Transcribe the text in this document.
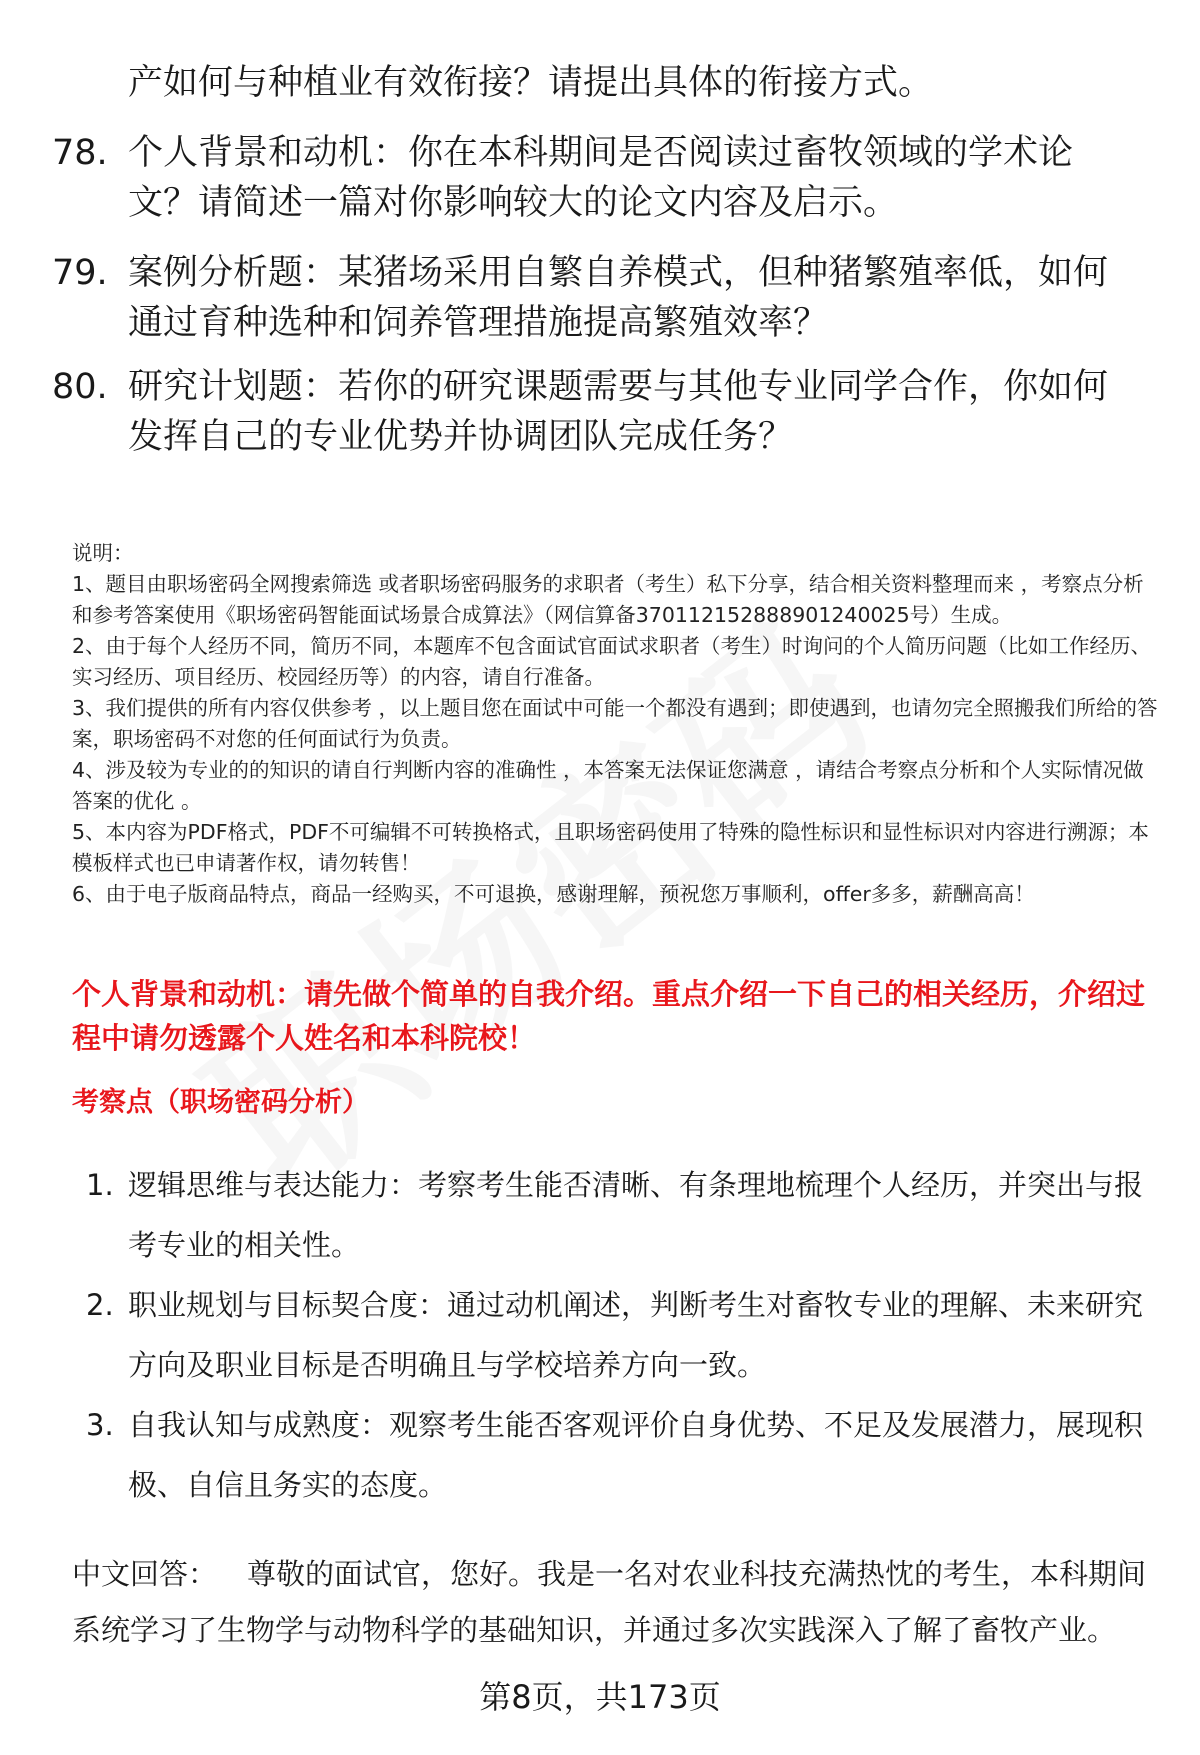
产如何与种植业有效衔接？请提出具体的衔接方式。

78. 个人背景和动机：你在本科期间是否阅读过畜牧领域的学术论文？请简述一篇对你影响较大的论文内容及启示。
79. 案例分析题：某猪场采用自繁自养模式，但种猪繁殖率低，如何通过育种选种和饲养管理措施提高繁殖效率？
80. 研究计划题：若你的研究课题需要与其他专业同学合作，你如何发挥自己的专业优势并协调团队完成任务？

说明：

1、题目由职场密码全网搜索筛选 或者职场密码服务的求职者（考生）私下分享，结合相关资料整理而来 ，考察点分析和参考答案使用《职场密码智能面试场景合成算法》（网信算备370112152888901240025号）生成。

2、由于每个人经历不同，简历不同，本题库不包含面试官面试求职者（考生）时询问的个人简历问题（比如工作经历、实习经历、项目经历、校园经历等）的内容，请自行准备。

3、我们提供的所有内容仅供参考 ，以上题目您在面试中可能一个都没有遇到；即使遇到，也请勿完全照搬我们所给的答案，职场密码不对您的任何面试行为负责。

4、涉及较为专业的的知识的请自行判断内容的准确性 ，本答案无法保证您满意 ，请结合考察点分析和个人实际情况做答案的优化 。

5、本内容为PDF格式，PDF不可编辑不可转换格式，且职场密码使用了特殊的隐性标识和显性标识对内容进行溯源；本模板样式也已申请著作权，请勿转售！

6、由于电子版商品特点，商品一经购买，不可退换，感谢理解，预祝您万事顺利，offer多多，薪酬高高！

个人背景和动机：请先做个简单的自我介绍。重点介绍一下自己的相关经历，介绍过程中请勿透露个人姓名和本科院校！

考察点（职场密码分析）

1. 逻辑思维与表达能力：考察考生能否清晰、有条理地梳理个人经历，并突出与报考专业的相关性。
2. 职业规划与目标契合度：通过动机阐述，判断考生对畜牧专业的理解、未来研究方向及职业目标是否明确且与学校培养方向一致。
3. 自我认知与成熟度：观察考生能否客观评价自身优势、不足及发展潜力，展现积极、自信且务实的态度。

中文回答： 尊敬的面试官，您好。我是一名对农业科技充满热忱的考生，本科期间系统学习了生物学与动物科学的基础知识，并通过多次实践深入了解了畜牧产业。

第8页，共173页
